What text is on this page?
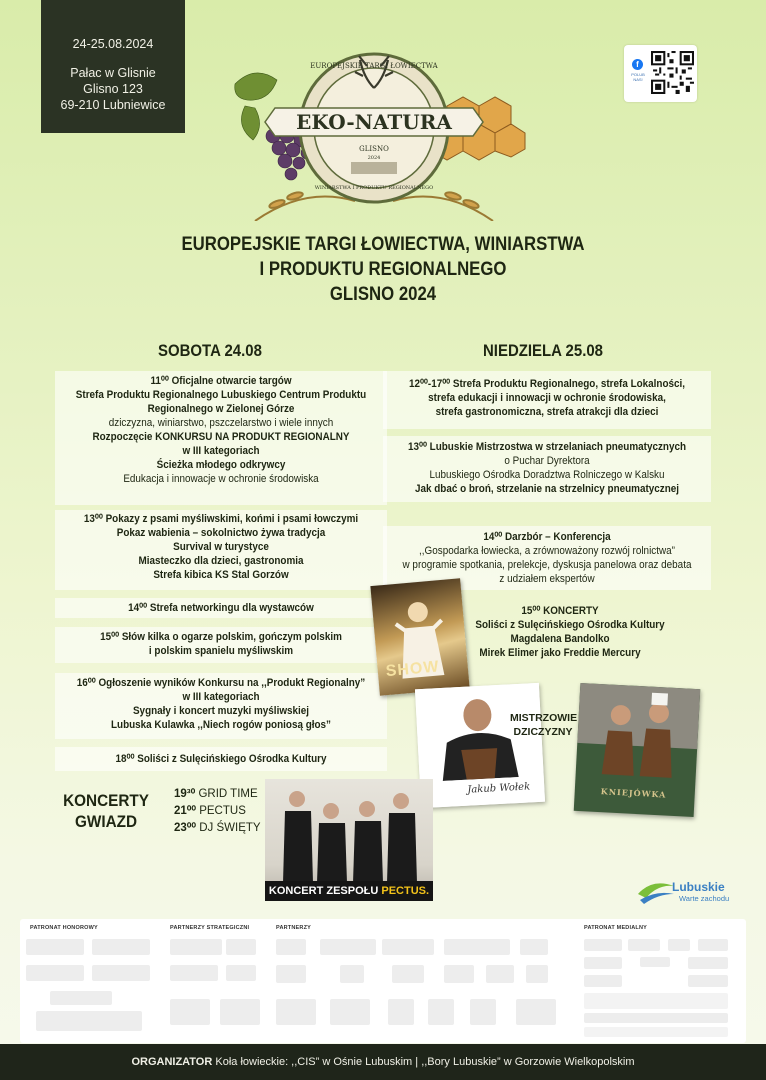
24-25.08.2024
Pałac w Glisnie
Glisno 123
69-210 Lubniewice
f
POLUB NAS!
EUROPEJSKIE TARGI ŁOWIECTWA
EKO-NATURA
GLISNO
2024
WINIARSTWA I PRODUKTU REGIONALNEGO
EUROPEJSKIE TARGI ŁOWIECTWA, WINIARSTWA
I PRODUKTU REGIONALNEGO
GLISNO 2024
SOBOTA 24.08	NIEDZIELA 25.08
11⁰⁰ Oficjalne otwarcie targów
Strefa Produktu Regionalnego Lubuskiego Centrum Produktu
Regionalnego w Zielonej Górze
dziczyzna, winiarstwo, pszczelarstwo i wiele innych
Rozpoczęcie KONKURSU NA PRODUKT REGIONALNY
w III kategoriach
Ścieżka młodego odkrywcy
Edukacja i innowacje w ochronie środowiska
13⁰⁰ Pokazy z psami myśliwskimi, końmi i psami łowczymi
Pokaz wabienia – sokolnictwo żywa tradycja
Survival w turystyce
Miasteczko dla dzieci, gastronomia
Strefa kibica KS Stal Gorzów
14⁰⁰ Strefa networkingu dla wystawców
15⁰⁰ Słów kilka o ogarze polskim, gończym polskim
i polskim spanielu myśliwskim
16⁰⁰ Ogłoszenie wyników Konkursu na ,,Produkt Regionalny”
w III kategoriach
Sygnały i koncert muzyki myśliwskiej
Lubuska Kulawka ,,Niech rogów poniosą głos”
18⁰⁰ Soliści z Sulęcińskiego Ośrodka Kultury
12⁰⁰-17⁰⁰ Strefa Produktu Regionalnego, strefa Lokalności,
strefa edukacji i innowacji w ochronie środowiska,
strefa gastronomiczna, strefa atrakcji dla dzieci
13⁰⁰ Lubuskie Mistrzostwa w strzelaniach pneumatycznych
o Puchar Dyrektora
Lubuskiego Ośrodka Doradztwa Rolniczego w Kalsku
Jak dbać o broń, strzelanie na strzelnicy pneumatycznej
14⁰⁰ Darzbór – Konferencja
,,Gospodarka łowiecka, a zrównoważony rozwój rolnictwa”
w programie spotkania, prelekcje, dyskusja panelowa oraz debata
z udziałem ekspertów
15⁰⁰ KONCERTY
Soliści z Sulęcińskiego Ośrodka Kultury
Magdalena Bandolko
Mirek Elimer jako Freddie Mercury
SHOW
Jakub Wołek
MISTRZOWIE
DZICZYZNY
KNIEJÓWKA
KONCERTY
GWIAZD
19³⁰ GRID TIME
21⁰⁰ PECTUS
23⁰⁰ DJ ŚWIĘTY
KONCERT ZESPOŁU PECTUS.	Lubuskie
Warte zachodu
PATRONAT HONOROWY	PARTNERZY STRATEGICZNI	PARTNERZY	PATRONAT MEDIALNY
ORGANIZATOR Koła łowieckie: ,,CIS” w Ośnie Lubuskim | ,,Bory Lubuskie” w Gorzowie Wielkopolskim
